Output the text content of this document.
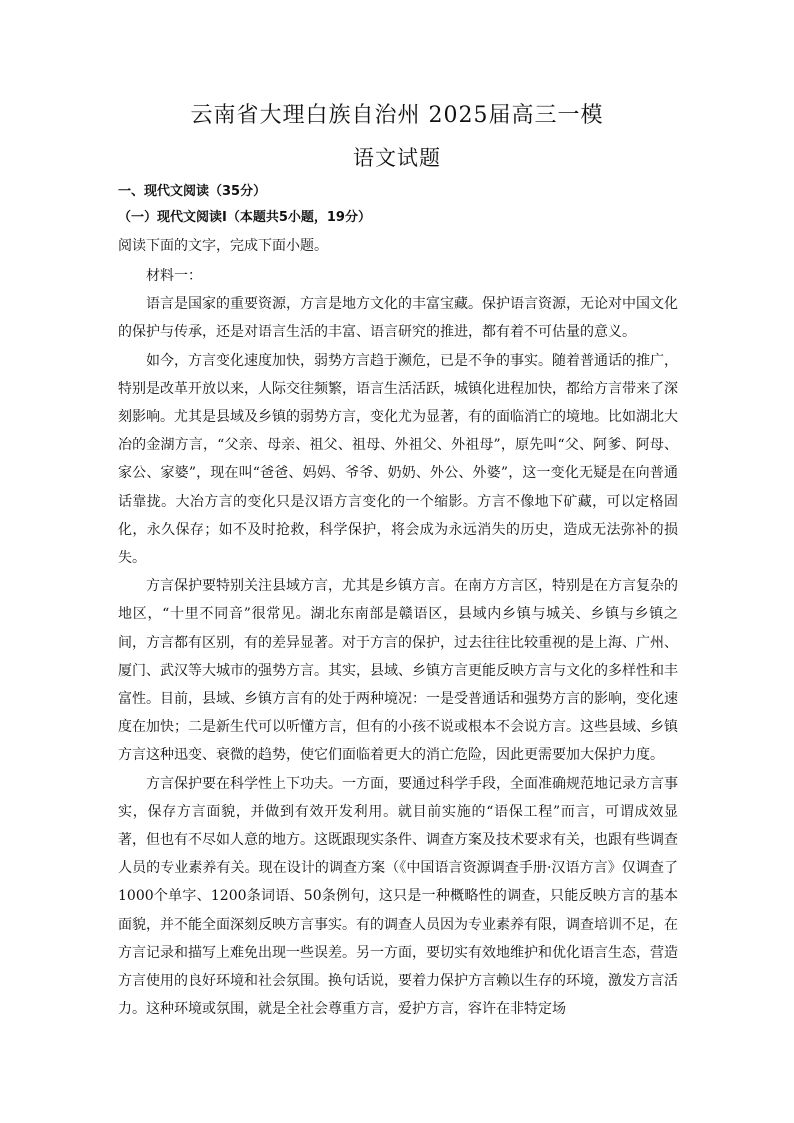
云南省大理白族自治州 2025届高三一模
语文试题
一、现代文阅读（35分）
（一）现代文阅读Ⅰ（本题共5小题，19分）
阅读下面的文字，完成下面小题。

材料一：

语言是国家的重要资源，方言是地方文化的丰富宝藏。保护语言资源，无论对中国文化的保护与传承，还是对语言生活的丰富、语言研究的推进，都有着不可估量的意义。

如今，方言变化速度加快，弱势方言趋于濒危，已是不争的事实。随着普通话的推广，特别是改革开放以来，人际交往频繁，语言生活活跃，城镇化进程加快，都给方言带来了深刻影响。尤其是县域及乡镇的弱势方言，变化尤为显著，有的面临消亡的境地。比如湖北大冶的金湖方言，“父亲、母亲、祖父、祖母、外祖父、外祖母”，原先叫“父、阿爹、阿母、家公、家婆”，现在叫“爸爸、妈妈、爷爷、奶奶、外公、外婆”，这一变化无疑是在向普通话靠拢。大冶方言的变化只是汉语方言变化的一个缩影。方言不像地下矿藏，可以定格固化，永久保存；如不及时抢救，科学保护，将会成为永远消失的历史，造成无法弥补的损失。

方言保护要特别关注县域方言，尤其是乡镇方言。在南方方言区，特别是在方言复杂的地区，“十里不同音”很常见。湖北东南部是赣语区，县域内乡镇与城关、乡镇与乡镇之间，方言都有区别，有的差异显著。对于方言的保护，过去往往比较重视的是上海、广州、厦门、武汉等大城市的强势方言。其实，县域、乡镇方言更能反映方言与文化的多样性和丰富性。目前，县域、乡镇方言有的处于两种境况：一是受普通话和强势方言的影响，变化速度在加快；二是新生代可以听懂方言，但有的小孩不说或根本不会说方言。这些县域、乡镇方言这种迅变、衰微的趋势，使它们面临着更大的消亡危险，因此更需要加大保护力度。

方言保护要在科学性上下功夫。一方面，要通过科学手段，全面准确规范地记录方言事实，保存方言面貌，并做到有效开发利用。就目前实施的“语保工程”而言，可谓成效显著，但也有不尽如人意的地方。这既跟现实条件、调查方案及技术要求有关，也跟有些调查人员的专业素养有关。现在设计的调查方案（《中国语言资源调查手册·汉语方言》仅调查了1000个单字、1200条词语、50条例句，这只是一种概略性的调查，只能反映方言的基本面貌，并不能全面深刻反映方言事实。有的调查人员因为专业素养有限，调查培训不足，在方言记录和描写上难免出现一些误差。另一方面，要切实有效地维护和优化语言生态，营造方言使用的良好环境和社会氛围。换句话说，要着力保护方言赖以生存的环境，激发方言活力。这种环境或氛围，就是全社会尊重方言，爱护方言，容许在非特定场
